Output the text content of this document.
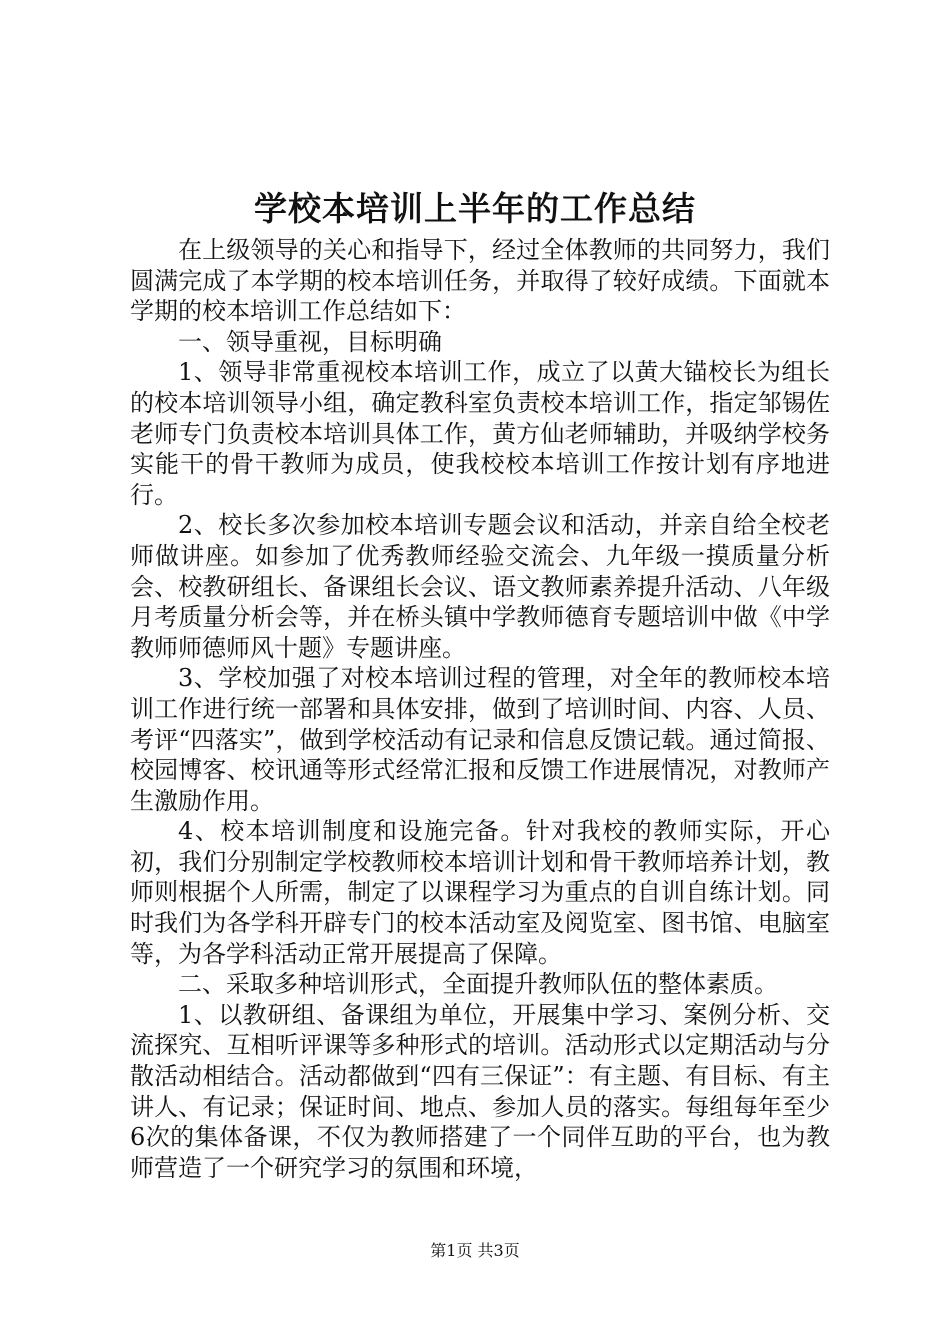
学校本培训上半年的工作总结

在上级领导的关心和指导下，经过全体教师的共同努力，我们圆满完成了本学期的校本培训任务，并取得了较好成绩。下面就本学期的校本培训工作总结如下：

一、领导重视，目标明确

1、领导非常重视校本培训工作，成立了以黄大锚校长为组长的校本培训领导小组，确定教科室负责校本培训工作，指定邹锡佐老师专门负责校本培训具体工作，黄方仙老师辅助，并吸纳学校务实能干的骨干教师为成员，使我校校本培训工作按计划有序地进行。

2、校长多次参加校本培训专题会议和活动，并亲自给全校老师做讲座。如参加了优秀教师经验交流会、九年级一摸质量分析会、校教研组长、备课组长会议、语文教师素养提升活动、八年级月考质量分析会等，并在桥头镇中学教师德育专题培训中做《中学教师师德师风十题》专题讲座。

3、学校加强了对校本培训过程的管理，对全年的教师校本培训工作进行统一部署和具体安排，做到了培训时间、内容、人员、考评“四落实”，做到学校活动有记录和信息反馈记载。通过简报、校园博客、校讯通等形式经常汇报和反馈工作进展情况，对教师产生激励作用。

4、校本培训制度和设施完备。针对我校的教师实际，开心初，我们分别制定学校教师校本培训计划和骨干教师培养计划，教师则根据个人所需，制定了以课程学习为重点的自训自练计划。同时我们为各学科开辟专门的校本活动室及阅览室、图书馆、电脑室等，为各学科活动正常开展提高了保障。

二、采取多种培训形式，全面提升教师队伍的整体素质。

1、以教研组、备课组为单位，开展集中学习、案例分析、交流探究、互相听评课等多种形式的培训。活动形式以定期活动与分散活动相结合。活动都做到“四有三保证”：有主题、有目标、有主讲人、有记录；保证时间、地点、参加人员的落实。每组每年至少6次的集体备课，不仅为教师搭建了一个同伴互助的平台，也为教师营造了一个研究学习的氛围和环境，

第1页 共3页
